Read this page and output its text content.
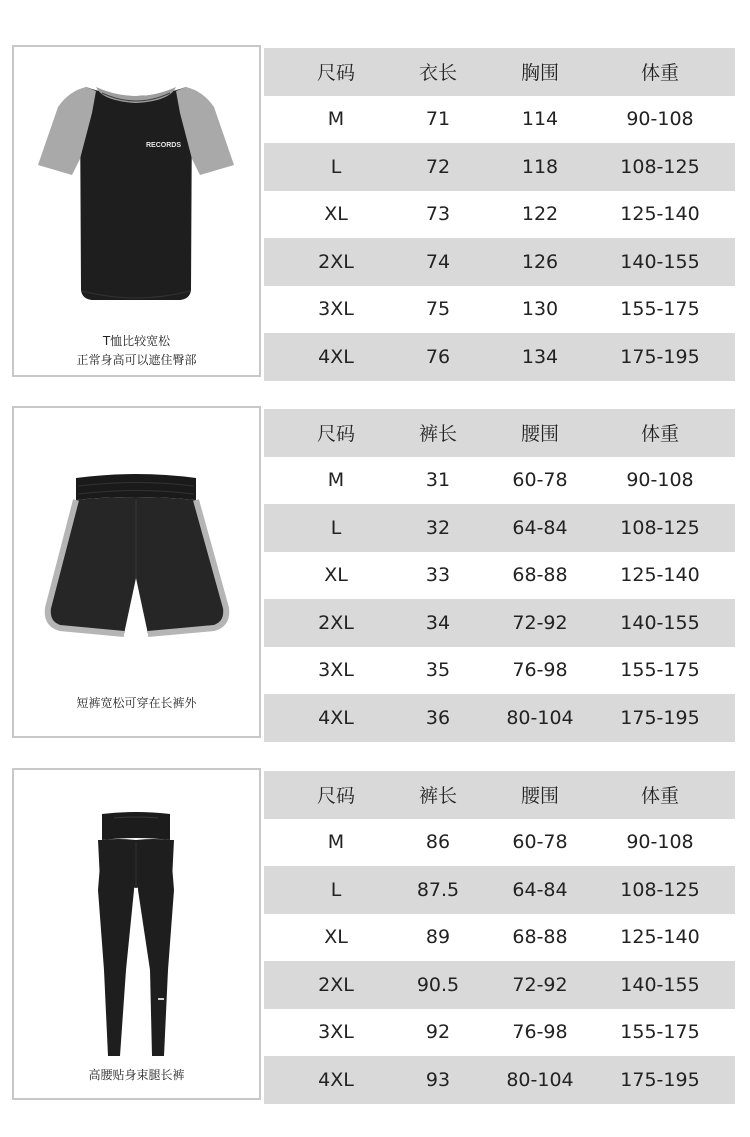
RECORDS
T恤比较宽松
正常身高可以遮住臀部
尺码	衣长	胸围	体重
M	71	114	90-108
L	72	118	108-125
XL	73	122	125-140
2XL	74	126	140-155
3XL	75	130	155-175
4XL	76	134	175-195
短裤宽松可穿在长裤外
尺码	裤长	腰围	体重
M	31	60-78	90-108
L	32	64-84	108-125
XL	33	68-88	125-140
2XL	34	72-92	140-155
3XL	35	76-98	155-175
4XL	36	80-104	175-195
高腰贴身束腿长裤
尺码	裤长	腰围	体重
M	86	60-78	90-108
L	87.5	64-84	108-125
XL	89	68-88	125-140
2XL	90.5	72-92	140-155
3XL	92	76-98	155-175
4XL	93	80-104	175-195
